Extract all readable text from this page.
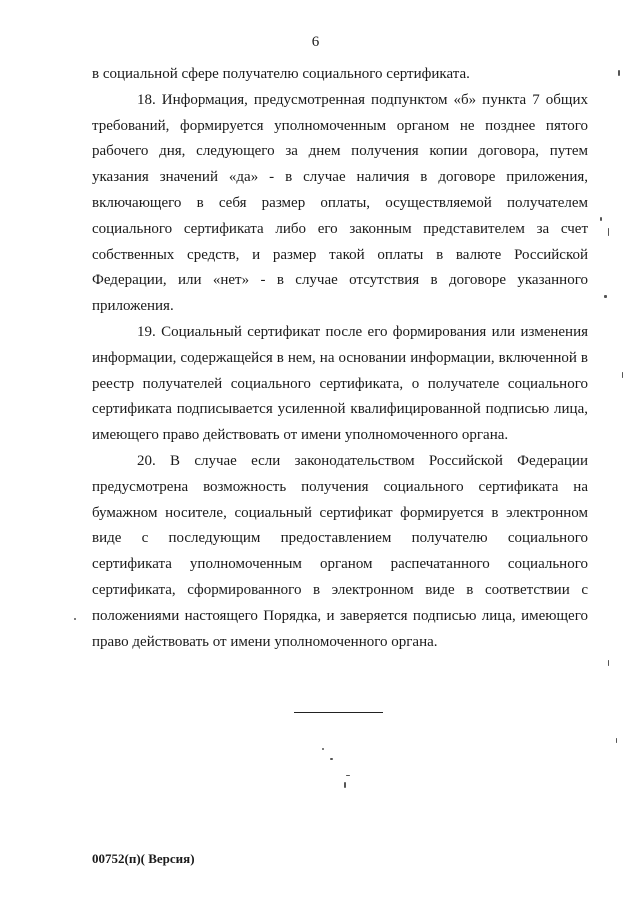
6

в социальной сфере получателю социального сертификата.

18. Информация, предусмотренная подпунктом «б» пункта 7 общих требований, формируется уполномоченным органом не позднее пятого рабочего дня, следующего за днем получения копии договора, путем указания значений «да» - в случае наличия в договоре приложения, включающего в себя размер оплаты, осуществляемой получателем социального сертификата либо его законным представителем за счет собственных средств, и размер такой оплаты в валюте Российской Федерации, или «нет» - в случае отсутствия в договоре указанного приложения.

19. Социальный сертификат после его формирования или изменения информации, содержащейся в нем, на основании информации, включенной в реестр получателей социального сертификата, о получателе социального сертификата подписывается усиленной квалифицированной подписью лица, имеющего право действовать от имени уполномоченного органа.

20. В случае если законодательством Российской Федерации предусмотрена возможность получения социального сертификата на бумажном носителе, социальный сертификат формируется в электронном виде с последующим предоставлением получателю социального сертификата уполномоченным органом распечатанного социального сертификата, сформированного в электронном виде в соответствии с положениями настоящего Порядка, и заверяется подписью лица, имеющего право действовать от имени уполномоченного органа.

00752(п)( Версия)
